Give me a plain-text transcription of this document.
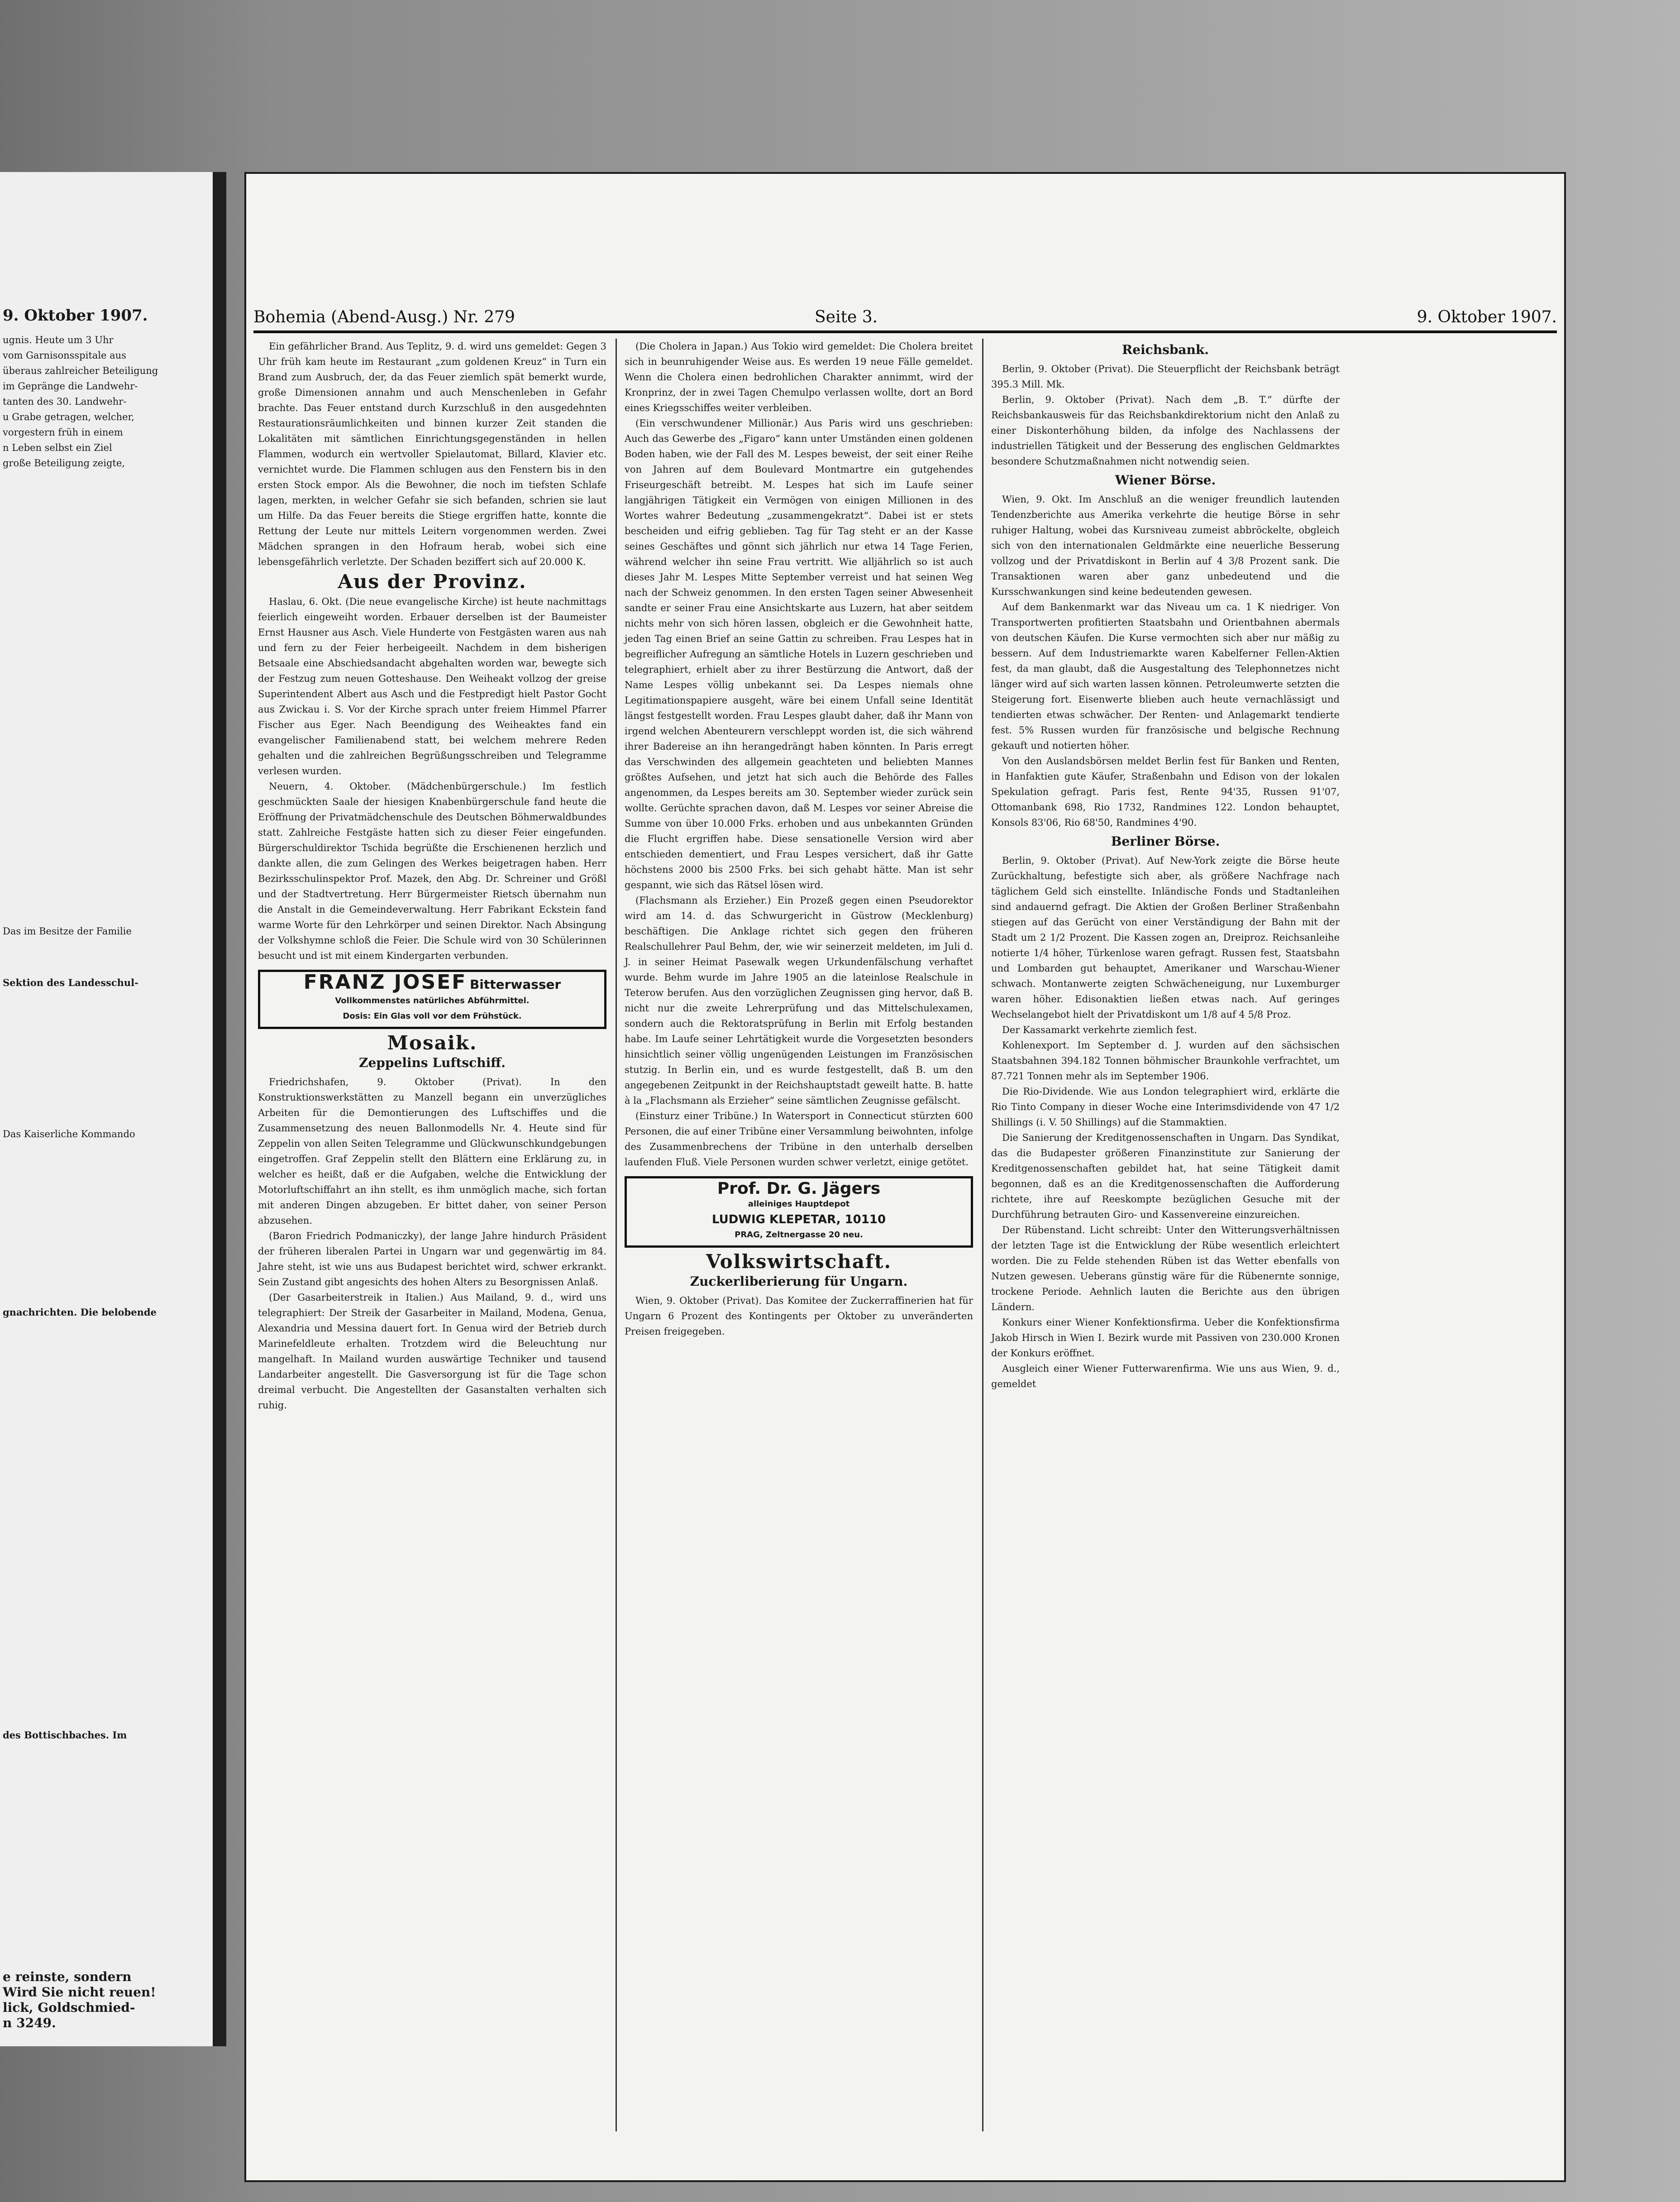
9. Oktober 1907.

ugnis. Heute um 3 Uhr

vom Garnisonsspitale aus

überaus zahlreicher Beteiligung

im Gepränge die Landwehr-

tanten des 30. Landwehr-

u Grabe getragen, welcher,

vorgestern früh in einem

n Leben selbst ein Ziel

große Beteiligung zeigte,

Das im Besitze der Familie

Sektion des Landesschul-

Das Kaiserliche Kommando

gnachrichten. Die belobende

des Bottischbaches. Im

e reinste, sondern

Wird Sie nicht reuen!

lick, Goldschmied-

n 3249.

Bohemia (Abend-Ausg.) Nr. 279	Seite 3.	9. Oktober 1907.

Ein gefährlicher Brand. Aus Teplitz, 9. d. wird uns gemeldet: Gegen 3 Uhr früh kam heute im Restaurant „zum goldenen Kreuz“ in Turn ein Brand zum Ausbruch, der, da das Feuer ziemlich spät bemerkt wurde, große Dimensionen annahm und auch Menschenleben in Gefahr brachte. Das Feuer entstand durch Kurzschluß in den ausgedehnten Restaurationsräumlichkeiten und binnen kurzer Zeit standen die Lokalitäten mit sämtlichen Einrichtungsgegenständen in hellen Flammen, wodurch ein wertvoller Spielautomat, Billard, Klavier etc. vernichtet wurde. Die Flammen schlugen aus den Fenstern bis in den ersten Stock empor. Als die Bewohner, die noch im tiefsten Schlafe lagen, merkten, in welcher Gefahr sie sich befanden, schrien sie laut um Hilfe. Da das Feuer bereits die Stiege ergriffen hatte, konnte die Rettung der Leute nur mittels Leitern vorgenommen werden. Zwei Mädchen sprangen in den Hofraum herab, wobei sich eine lebensgefährlich verletzte. Der Schaden beziffert sich auf 20.000 K.

Aus der Provinz.

Haslau, 6. Okt. (Die neue evangelische Kirche) ist heute nachmittags feierlich eingeweiht worden. Erbauer derselben ist der Baumeister Ernst Hausner aus Asch. Viele Hunderte von Festgästen waren aus nah und fern zu der Feier herbeigeeilt. Nachdem in dem bisherigen Betsaale eine Abschiedsandacht abgehalten worden war, bewegte sich der Festzug zum neuen Gotteshause. Den Weiheakt vollzog der greise Superintendent Albert aus Asch und die Festpredigt hielt Pastor Gocht aus Zwickau i. S. Vor der Kirche sprach unter freiem Himmel Pfarrer Fischer aus Eger. Nach Beendigung des Weiheaktes fand ein evangelischer Familienabend statt, bei welchem mehrere Reden gehalten und die zahlreichen Begrüßungsschreiben und Telegramme verlesen wurden.

Neuern, 4. Oktober. (Mädchenbürgerschule.) Im festlich geschmückten Saale der hiesigen Knabenbürgerschule fand heute die Eröffnung der Privatmädchenschule des Deutschen Böhmerwaldbundes statt. Zahlreiche Festgäste hatten sich zu dieser Feier eingefunden. Bürgerschuldirektor Tschida begrüßte die Erschienenen herzlich und dankte allen, die zum Gelingen des Werkes beigetragen haben. Herr Bezirksschulinspektor Prof. Mazek, den Abg. Dr. Schreiner und Größl und der Stadtvertretung. Herr Bürgermeister Rietsch übernahm nun die Anstalt in die Gemeindeverwaltung. Herr Fabrikant Eckstein fand warme Worte für den Lehrkörper und seinen Direktor. Nach Absingung der Volkshymne schloß die Feier. Die Schule wird von 30 Schülerinnen besucht und ist mit einem Kindergarten verbunden.

FRANZ JOSEF Bitterwasser
Vollkommenstes natürliches Abführmittel.
Dosis: Ein Glas voll vor dem Frühstück.
Mosaik.
Zeppelins Luftschiff.

Friedrichshafen, 9. Oktober (Privat). In den Konstruktionswerkstätten zu Manzell begann ein unverzügliches Arbeiten für die Demontierungen des Luftschiffes und die Zusammensetzung des neuen Ballonmodells Nr. 4. Heute sind für Zeppelin von allen Seiten Telegramme und Glückwunschkundgebungen eingetroffen. Graf Zeppelin stellt den Blättern eine Erklärung zu, in welcher es heißt, daß er die Aufgaben, welche die Entwicklung der Motorluftschiffahrt an ihn stellt, es ihm unmöglich mache, sich fortan mit anderen Dingen abzugeben. Er bittet daher, von seiner Person abzusehen.

(Baron Friedrich Podmaniczky), der lange Jahre hindurch Präsident der früheren liberalen Partei in Ungarn war und gegenwärtig im 84. Jahre steht, ist wie uns aus Budapest berichtet wird, schwer erkrankt. Sein Zustand gibt angesichts des hohen Alters zu Besorgnissen Anlaß.

(Der Gasarbeiterstreik in Italien.) Aus Mailand, 9. d., wird uns telegraphiert: Der Streik der Gasarbeiter in Mailand, Modena, Genua, Alexandria und Messina dauert fort. In Genua wird der Betrieb durch Marinefeldleute erhalten. Trotzdem wird die Beleuchtung nur mangelhaft. In Mailand wurden auswärtige Techniker und tausend Landarbeiter angestellt. Die Gasversorgung ist für die Tage schon dreimal verbucht. Die Angestellten der Gasanstalten verhalten sich ruhig.

(Die Cholera in Japan.) Aus Tokio wird gemeldet: Die Cholera breitet sich in beunruhigender Weise aus. Es werden 19 neue Fälle gemeldet. Wenn die Cholera einen bedrohlichen Charakter annimmt, wird der Kronprinz, der in zwei Tagen Chemulpo verlassen wollte, dort an Bord eines Kriegsschiffes weiter verbleiben.

(Ein verschwundener Millionär.) Aus Paris wird uns geschrieben: Auch das Gewerbe des „Figaro“ kann unter Umständen einen goldenen Boden haben, wie der Fall des M. Lespes beweist, der seit einer Reihe von Jahren auf dem Boulevard Montmartre ein gutgehendes Friseurgeschäft betreibt. M. Lespes hat sich im Laufe seiner langjährigen Tätigkeit ein Vermögen von einigen Millionen in des Wortes wahrer Bedeutung „zusammengekratzt“. Dabei ist er stets bescheiden und eifrig geblieben. Tag für Tag steht er an der Kasse seines Geschäftes und gönnt sich jährlich nur etwa 14 Tage Ferien, während welcher ihn seine Frau vertritt. Wie alljährlich so ist auch dieses Jahr M. Lespes Mitte September verreist und hat seinen Weg nach der Schweiz genommen. In den ersten Tagen seiner Abwesenheit sandte er seiner Frau eine Ansichtskarte aus Luzern, hat aber seitdem nichts mehr von sich hören lassen, obgleich er die Gewohnheit hatte, jeden Tag einen Brief an seine Gattin zu schreiben. Frau Lespes hat in begreiflicher Aufregung an sämtliche Hotels in Luzern geschrieben und telegraphiert, erhielt aber zu ihrer Bestürzung die Antwort, daß der Name Lespes völlig unbekannt sei. Da Lespes niemals ohne Legitimationspapiere ausgeht, wäre bei einem Unfall seine Identität längst festgestellt worden. Frau Lespes glaubt daher, daß ihr Mann von irgend welchen Abenteurern verschleppt worden ist, die sich während ihrer Badereise an ihn herangedrängt haben könnten. In Paris erregt das Verschwinden des allgemein geachteten und beliebten Mannes größtes Aufsehen, und jetzt hat sich auch die Behörde des Falles angenommen, da Lespes bereits am 30. September wieder zurück sein wollte. Gerüchte sprachen davon, daß M. Lespes vor seiner Abreise die Summe von über 10.000 Frks. erhoben und aus unbekannten Gründen die Flucht ergriffen habe. Diese sensationelle Version wird aber entschieden dementiert, und Frau Lespes versichert, daß ihr Gatte höchstens 2000 bis 2500 Frks. bei sich gehabt hätte. Man ist sehr gespannt, wie sich das Rätsel lösen wird.

(Flachsmann als Erzieher.) Ein Prozeß gegen einen Pseudorektor wird am 14. d. das Schwurgericht in Güstrow (Mecklenburg) beschäftigen. Die Anklage richtet sich gegen den früheren Realschullehrer Paul Behm, der, wie wir seinerzeit meldeten, im Juli d. J. in seiner Heimat Pasewalk wegen Urkundenfälschung verhaftet wurde. Behm wurde im Jahre 1905 an die lateinlose Realschule in Teterow berufen. Aus den vorzüglichen Zeugnissen ging hervor, daß B. nicht nur die zweite Lehrerprüfung und das Mittelschulexamen, sondern auch die Rektoratsprüfung in Berlin mit Erfolg bestanden habe. Im Laufe seiner Lehrtätigkeit wurde die Vorgesetzten besonders hinsichtlich seiner völlig ungenügenden Leistungen im Französischen stutzig. In Berlin ein, und es wurde festgestellt, daß B. um den angegebenen Zeitpunkt in der Reichshauptstadt geweilt hatte. B. hatte à la „Flachsmann als Erzieher“ seine sämtlichen Zeugnisse gefälscht.

(Einsturz einer Tribüne.) In Watersport in Connecticut stürzten 600 Personen, die auf einer Tribüne einer Versammlung beiwohnten, infolge des Zusammenbrechens der Tribüne in den unterhalb derselben laufenden Fluß. Viele Personen wurden schwer verletzt, einige getötet.

Prof. Dr. G. Jägers
alleiniges Hauptdepot
LUDWIG KLEPETAR, 10110
PRAG, Zeltnergasse 20 neu.
Volkswirtschaft.
Zuckerliberierung für Ungarn.

Wien, 9. Oktober (Privat). Das Komitee der Zuckerraffinerien hat für Ungarn 6 Prozent des Kontingents per Oktober zu unveränderten Preisen freigegeben.

Reichsbank.

Berlin, 9. Oktober (Privat). Die Steuerpflicht der Reichsbank beträgt 395.3 Mill. Mk.

Berlin, 9. Oktober (Privat). Nach dem „B. T.“ dürfte der Reichsbankausweis für das Reichsbankdirektorium nicht den Anlaß zu einer Diskonterhöhung bilden, da infolge des Nachlassens der industriellen Tätigkeit und der Besserung des englischen Geldmarktes besondere Schutzmaßnahmen nicht notwendig seien.

Wiener Börse.

Wien, 9. Okt. Im Anschluß an die weniger freundlich lautenden Tendenzberichte aus Amerika verkehrte die heutige Börse in sehr ruhiger Haltung, wobei das Kursniveau zumeist abbröckelte, obgleich sich von den internationalen Geldmärkte eine neuerliche Besserung vollzog und der Privatdiskont in Berlin auf 4 3/8 Prozent sank. Die Transaktionen waren aber ganz unbedeutend und die Kursschwankungen sind keine bedeutenden gewesen.

Auf dem Bankenmarkt war das Niveau um ca. 1 K niedriger. Von Transportwerten profitierten Staatsbahn und Orientbahnen abermals von deutschen Käufen. Die Kurse vermochten sich aber nur mäßig zu bessern. Auf dem Industriemarkte waren Kabelferner Fellen-Aktien fest, da man glaubt, daß die Ausgestaltung des Telephonnetzes nicht länger wird auf sich warten lassen können. Petroleumwerte setzten die Steigerung fort. Eisenwerte blieben auch heute vernachlässigt und tendierten etwas schwächer. Der Renten- und Anlagemarkt tendierte fest. 5% Russen wurden für französische und belgische Rechnung gekauft und notierten höher.

Von den Auslandsbörsen meldet Berlin fest für Banken und Renten, in Hanfaktien gute Käufer, Straßenbahn und Edison von der lokalen Spekulation gefragt. Paris fest, Rente 94'35, Russen 91'07, Ottomanbank 698, Rio 1732, Randmines 122. London behauptet, Konsols 83'06, Rio 68'50, Randmines 4'90.

Berliner Börse.

Berlin, 9. Oktober (Privat). Auf New-York zeigte die Börse heute Zurückhaltung, befestigte sich aber, als größere Nachfrage nach täglichem Geld sich einstellte. Inländische Fonds und Stadtanleihen sind andauernd gefragt. Die Aktien der Großen Berliner Straßenbahn stiegen auf das Gerücht von einer Verständigung der Bahn mit der Stadt um 2 1/2 Prozent. Die Kassen zogen an, Dreiproz. Reichsanleihe notierte 1/4 höher, Türkenlose waren gefragt. Russen fest, Staatsbahn und Lombarden gut behauptet, Amerikaner und Warschau-Wiener schwach. Montanwerte zeigten Schwächeneigung, nur Luxemburger waren höher. Edisonaktien ließen etwas nach. Auf geringes Wechselangebot hielt der Privatdiskont um 1/8 auf 4 5/8 Proz.

Der Kassamarkt verkehrte ziemlich fest.

Kohlenexport. Im September d. J. wurden auf den sächsischen Staatsbahnen 394.182 Tonnen böhmischer Braunkohle verfrachtet, um 87.721 Tonnen mehr als im September 1906.

Die Rio-Dividende. Wie aus London telegraphiert wird, erklärte die Rio Tinto Company in dieser Woche eine Interimsdividende von 47 1/2 Shillings (i. V. 50 Shillings) auf die Stammaktien.

Die Sanierung der Kreditgenossenschaften in Ungarn. Das Syndikat, das die Budapester größeren Finanzinstitute zur Sanierung der Kreditgenossenschaften gebildet hat, hat seine Tätigkeit damit begonnen, daß es an die Kreditgenossenschaften die Aufforderung richtete, ihre auf Reeskompte bezüglichen Gesuche mit der Durchführung betrauten Giro- und Kassenvereine einzureichen.

Der Rübenstand. Licht schreibt: Unter den Witterungsverhältnissen der letzten Tage ist die Entwicklung der Rübe wesentlich erleichtert worden. Die zu Felde stehenden Rüben ist das Wetter ebenfalls von Nutzen gewesen. Ueberans günstig wäre für die Rübenernte sonnige, trockene Periode. Aehnlich lauten die Berichte aus den übrigen Ländern.

Konkurs einer Wiener Konfektionsfirma. Ueber die Konfektionsfirma Jakob Hirsch in Wien I. Bezirk wurde mit Passiven von 230.000 Kronen der Konkurs eröffnet.

Ausgleich einer Wiener Futterwarenfirma. Wie uns aus Wien, 9. d., gemeldet
